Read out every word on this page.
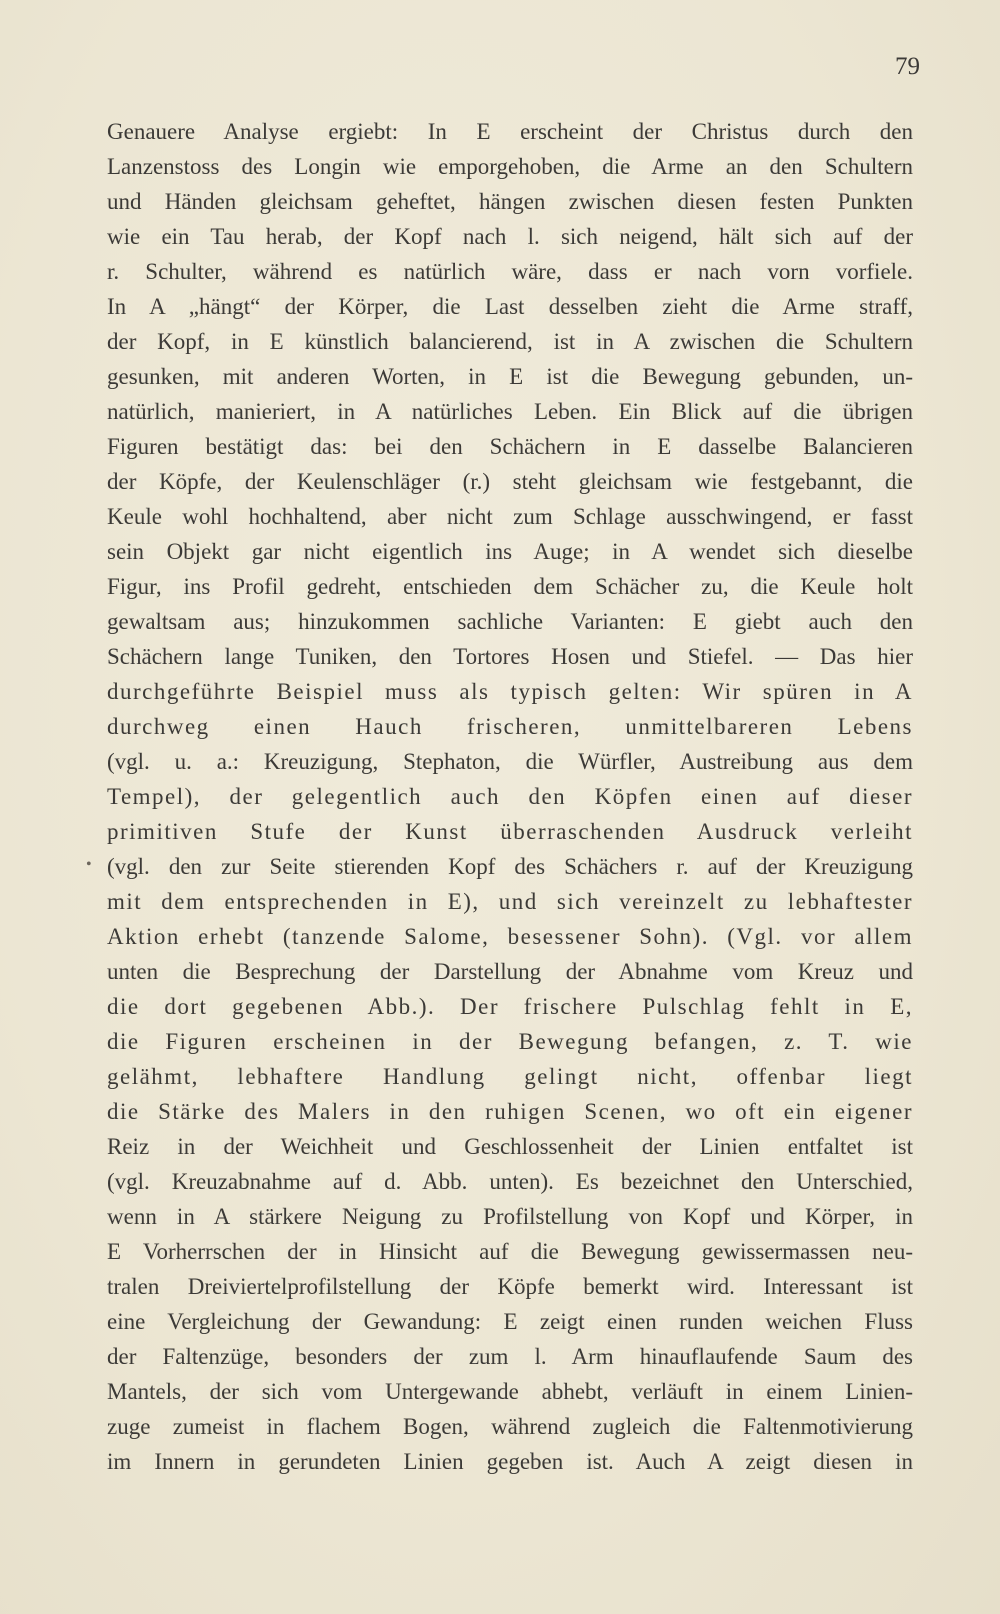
79
•
Genauere Analyse ergiebt: In E erscheint der Christus durch den
Lanzenstoss des Longin wie emporgehoben, die Arme an den Schultern
und Händen gleichsam geheftet, hängen zwischen diesen festen Punkten
wie ein Tau herab, der Kopf nach l. sich neigend, hält sich auf der
r. Schulter, während es natürlich wäre, dass er nach vorn vorfiele.
In A „hängt“ der Körper, die Last desselben zieht die Arme straff,
der Kopf, in E künstlich balancierend, ist in A zwischen die Schultern
gesunken, mit anderen Worten, in E ist die Bewegung gebunden, un-
natürlich, manieriert, in A natürliches Leben. Ein Blick auf die übrigen
Figuren bestätigt das: bei den Schächern in E dasselbe Balancieren
der Köpfe, der Keulenschläger (r.) steht gleichsam wie festgebannt, die
Keule wohl hochhaltend, aber nicht zum Schlage ausschwingend, er fasst
sein Objekt gar nicht eigentlich ins Auge; in A wendet sich dieselbe
Figur, ins Profil gedreht, entschieden dem Schächer zu, die Keule holt
gewaltsam aus; hinzukommen sachliche Varianten: E giebt auch den
Schächern lange Tuniken, den Tortores Hosen und Stiefel. — Das hier
durchgeführte Beispiel muss als typisch gelten: Wir spüren in A
durchweg einen Hauch frischeren, unmittelbareren Lebens
(vgl. u. a.: Kreuzigung, Stephaton, die Würfler, Austreibung aus dem
Tempel), der gelegentlich auch den Köpfen einen auf dieser
primitiven Stufe der Kunst überraschenden Ausdruck verleiht
(vgl. den zur Seite stierenden Kopf des Schächers r. auf der Kreuzigung
mit dem entsprechenden in E), und sich vereinzelt zu lebhaftester
Aktion erhebt (tanzende Salome, besessener Sohn). (Vgl. vor allem
unten die Besprechung der Darstellung der Abnahme vom Kreuz und
die dort gegebenen Abb.). Der frischere Pulschlag fehlt in E,
die Figuren erscheinen in der Bewegung befangen, z. T. wie
gelähmt, lebhaftere Handlung gelingt nicht, offenbar liegt
die Stärke des Malers in den ruhigen Scenen, wo oft ein eigener
Reiz in der Weichheit und Geschlossenheit der Linien entfaltet ist
(vgl. Kreuzabnahme auf d. Abb. unten). Es bezeichnet den Unterschied,
wenn in A stärkere Neigung zu Profilstellung von Kopf und Körper, in
E Vorherrschen der in Hinsicht auf die Bewegung gewissermassen neu-
tralen Dreiviertelprofilstellung der Köpfe bemerkt wird. Interessant ist
eine Vergleichung der Gewandung: E zeigt einen runden weichen Fluss
der Faltenzüge, besonders der zum l. Arm hinauflaufende Saum des
Mantels, der sich vom Untergewande abhebt, verläuft in einem Linien-
zuge zumeist in flachem Bogen, während zugleich die Faltenmotivierung
im Innern in gerundeten Linien gegeben ist. Auch A zeigt diesen in
